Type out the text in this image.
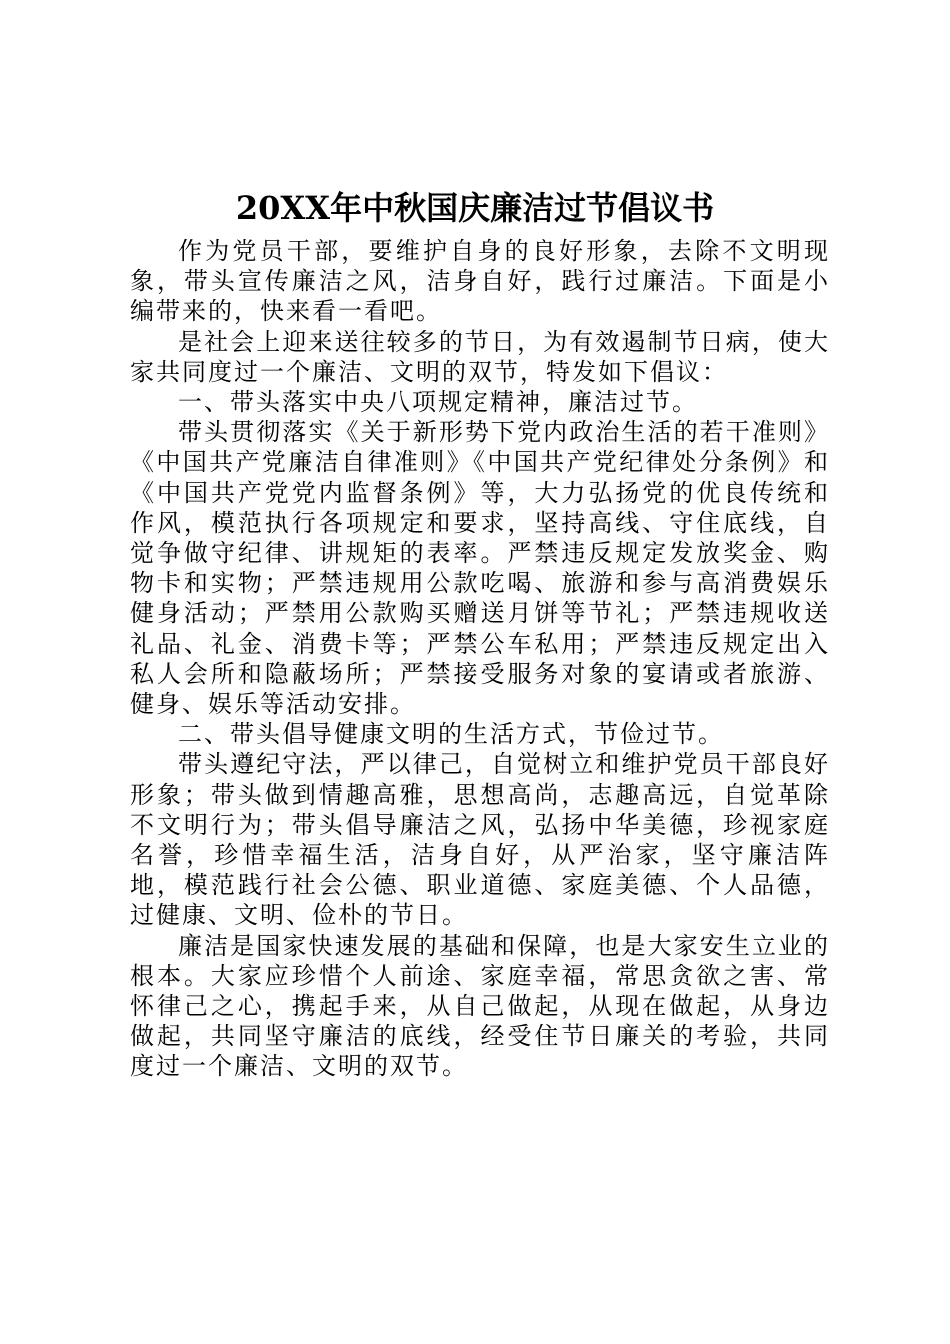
20XX年中秋国庆廉洁过节倡议书

作为党员干部，要维护自身的良好形象，去除不文明现象，带头宣传廉洁之风，洁身自好，践行过廉洁。下面是小编带来的，快来看一看吧。

是社会上迎来送往较多的节日，为有效遏制节日病，使大家共同度过一个廉洁、文明的双节，特发如下倡议：

一、带头落实中央八项规定精神，廉洁过节。

带头贯彻落实《关于新形势下党内政治生活的若干准则》《中国共产党廉洁自律准则》《中国共产党纪律处分条例》和《中国共产党党内监督条例》等，大力弘扬党的优良传统和作风，模范执行各项规定和要求，坚持高线、守住底线，自觉争做守纪律、讲规矩的表率。严禁违反规定发放奖金、购物卡和实物；严禁违规用公款吃喝、旅游和参与高消费娱乐健身活动；严禁用公款购买赠送月饼等节礼；严禁违规收送礼品、礼金、消费卡等；严禁公车私用；严禁违反规定出入私人会所和隐蔽场所；严禁接受服务对象的宴请或者旅游、健身、娱乐等活动安排。

二、带头倡导健康文明的生活方式，节俭过节。

带头遵纪守法，严以律己，自觉树立和维护党员干部良好形象；带头做到情趣高雅，思想高尚，志趣高远，自觉革除不文明行为；带头倡导廉洁之风，弘扬中华美德，珍视家庭名誉，珍惜幸福生活，洁身自好，从严治家，坚守廉洁阵地，模范践行社会公德、职业道德、家庭美德、个人品德，过健康、文明、俭朴的节日。

廉洁是国家快速发展的基础和保障，也是大家安生立业的根本。大家应珍惜个人前途、家庭幸福，常思贪欲之害、常怀律己之心，携起手来，从自己做起，从现在做起，从身边做起，共同坚守廉洁的底线，经受住节日廉关的考验，共同度过一个廉洁、文明的双节。
